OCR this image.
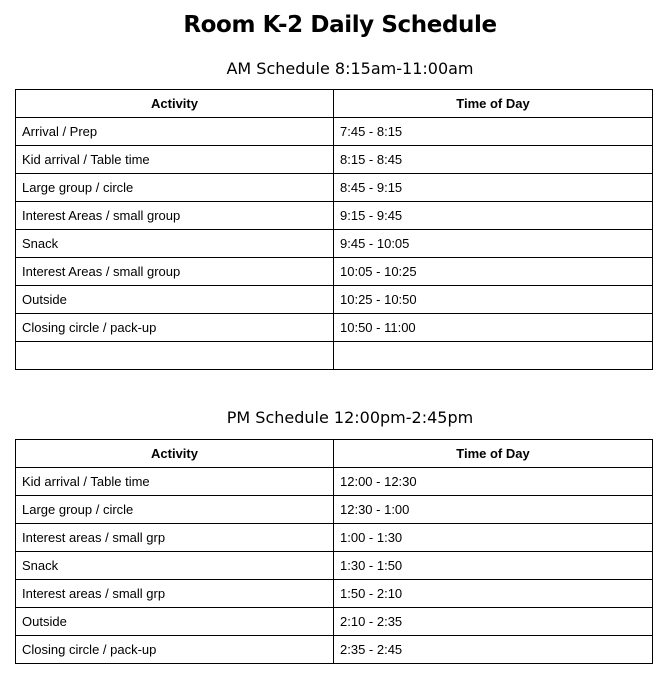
Room K-2 Daily Schedule
AM Schedule 8:15am-11:00am
Activity	Time of Day
Arrival / Prep	7:45 - 8:15
Kid arrival / Table time	8:15 - 8:45
Large group / circle	8:45 - 9:15
Interest Areas / small group	9:15 - 9:45
Snack	9:45 - 10:05
Interest Areas / small group	10:05 - 10:25
Outside	10:25 - 10:50
Closing circle / pack-up	10:50 - 11:00

PM Schedule 12:00pm-2:45pm
Activity	Time of Day
Kid arrival / Table time	12:00 - 12:30
Large group / circle	12:30 - 1:00
Interest areas / small grp	1:00 - 1:30
Snack	1:30 - 1:50
Interest areas / small grp	1:50 - 2:10
Outside	2:10 - 2:35
Closing circle / pack-up	2:35 - 2:45
